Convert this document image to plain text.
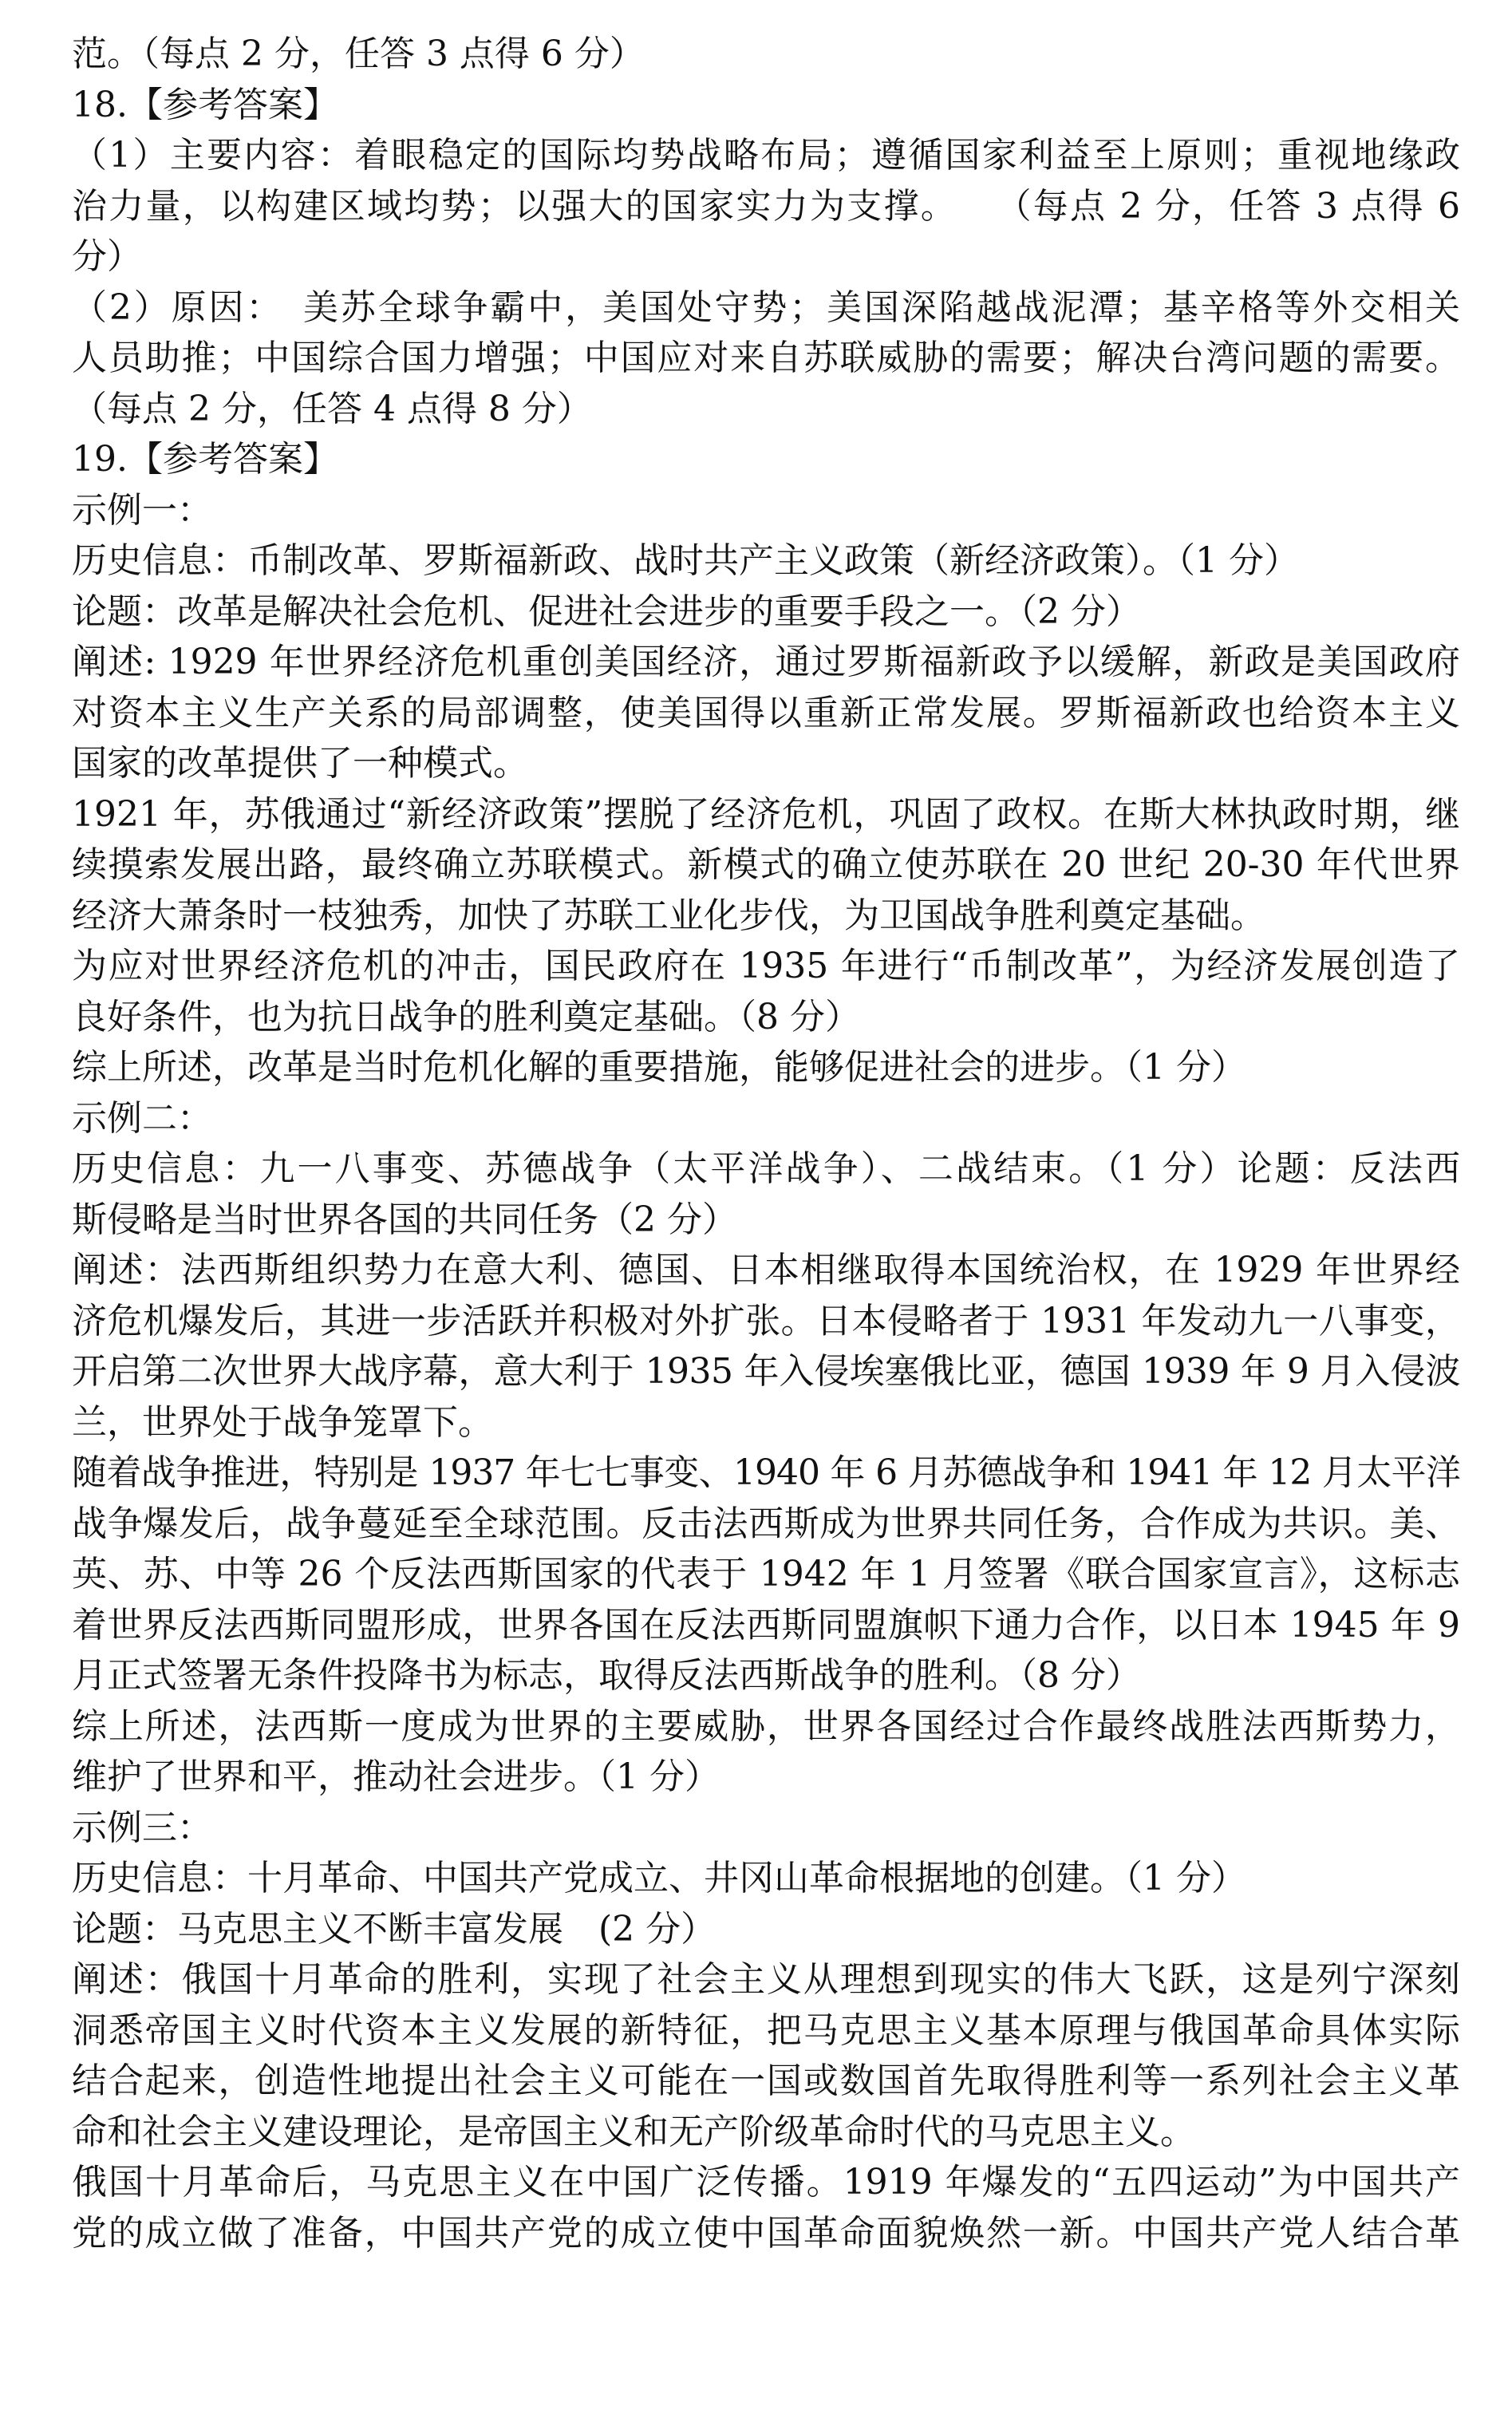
范。（每点 2 分，任答 3 点得 6 分）
18.【参考答案】
（1）主要内容：着眼稳定的国际均势战略布局；遵循国家利益至上原则；重视地缘政
治力量，以构建区域均势；以强大的国家实力为支撑。　　（每点 2 分，任答 3 点得 6
分）
（2）原因：　美苏全球争霸中，美国处守势；美国深陷越战泥潭；基辛格等外交相关
人员助推；中国综合国力增强；中国应对来自苏联威胁的需要；解决台湾问题的需要。
（每点 2 分，任答 4 点得 8 分）
19.【参考答案】
示例一：
历史信息：币制改革、罗斯福新政、战时共产主义政策（新经济政策）。（1 分）
论题：改革是解决社会危机、促进社会进步的重要手段之一。（2 分）
阐述: 1929 年世界经济危机重创美国经济，通过罗斯福新政予以缓解，新政是美国政府
对资本主义生产关系的局部调整，使美国得以重新正常发展。罗斯福新政也给资本主义
国家的改革提供了一种模式。
1921 年，苏俄通过“新经济政策”摆脱了经济危机，巩固了政权。在斯大林执政时期，继
续摸索发展出路，最终确立苏联模式。新模式的确立使苏联在 20 世纪 20-30 年代世界
经济大萧条时一枝独秀，加快了苏联工业化步伐，为卫国战争胜利奠定基础。
为应对世界经济危机的冲击，国民政府在 1935 年进行“币制改革”，为经济发展创造了
良好条件，也为抗日战争的胜利奠定基础。（8 分）
综上所述，改革是当时危机化解的重要措施，能够促进社会的进步。（1 分）
示例二：
历史信息：九一八事变、苏德战争（太平洋战争）、二战结束。（1 分）论题：反法西
斯侵略是当时世界各国的共同任务（2 分）
阐述：法西斯组织势力在意大利、德国、日本相继取得本国统治权，在 1929 年世界经
济危机爆发后，其进一步活跃并积极对外扩张。日本侵略者于 1931 年发动九一八事变，
开启第二次世界大战序幕，意大利于 1935 年入侵埃塞俄比亚，德国 1939 年 9 月入侵波
兰，世界处于战争笼罩下。
随着战争推进，特别是 1937 年七七事变、1940 年 6 月苏德战争和 1941 年 12 月太平洋
战争爆发后，战争蔓延至全球范围。反击法西斯成为世界共同任务，合作成为共识。美、
英、苏、中等 26 个反法西斯国家的代表于 1942 年 1 月签署《联合国家宣言》，这标志
着世界反法西斯同盟形成，世界各国在反法西斯同盟旗帜下通力合作，以日本 1945 年 9
月正式签署无条件投降书为标志，取得反法西斯战争的胜利。（8 分）
综上所述，法西斯一度成为世界的主要威胁，世界各国经过合作最终战胜法西斯势力，
维护了世界和平，推动社会进步。（1 分）
示例三：
历史信息：十月革命、中国共产党成立、井冈山革命根据地的创建。（1 分）
论题：马克思主义不断丰富发展　(2 分）
阐述：俄国十月革命的胜利，实现了社会主义从理想到现实的伟大飞跃，这是列宁深刻
洞悉帝国主义时代资本主义发展的新特征，把马克思主义基本原理与俄国革命具体实际
结合起来，创造性地提出社会主义可能在一国或数国首先取得胜利等一系列社会主义革
命和社会主义建设理论，是帝国主义和无产阶级革命时代的马克思主义。
俄国十月革命后，马克思主义在中国广泛传播。1919 年爆发的“五四运动”为中国共产
党的成立做了准备，中国共产党的成立使中国革命面貌焕然一新。中国共产党人结合革
